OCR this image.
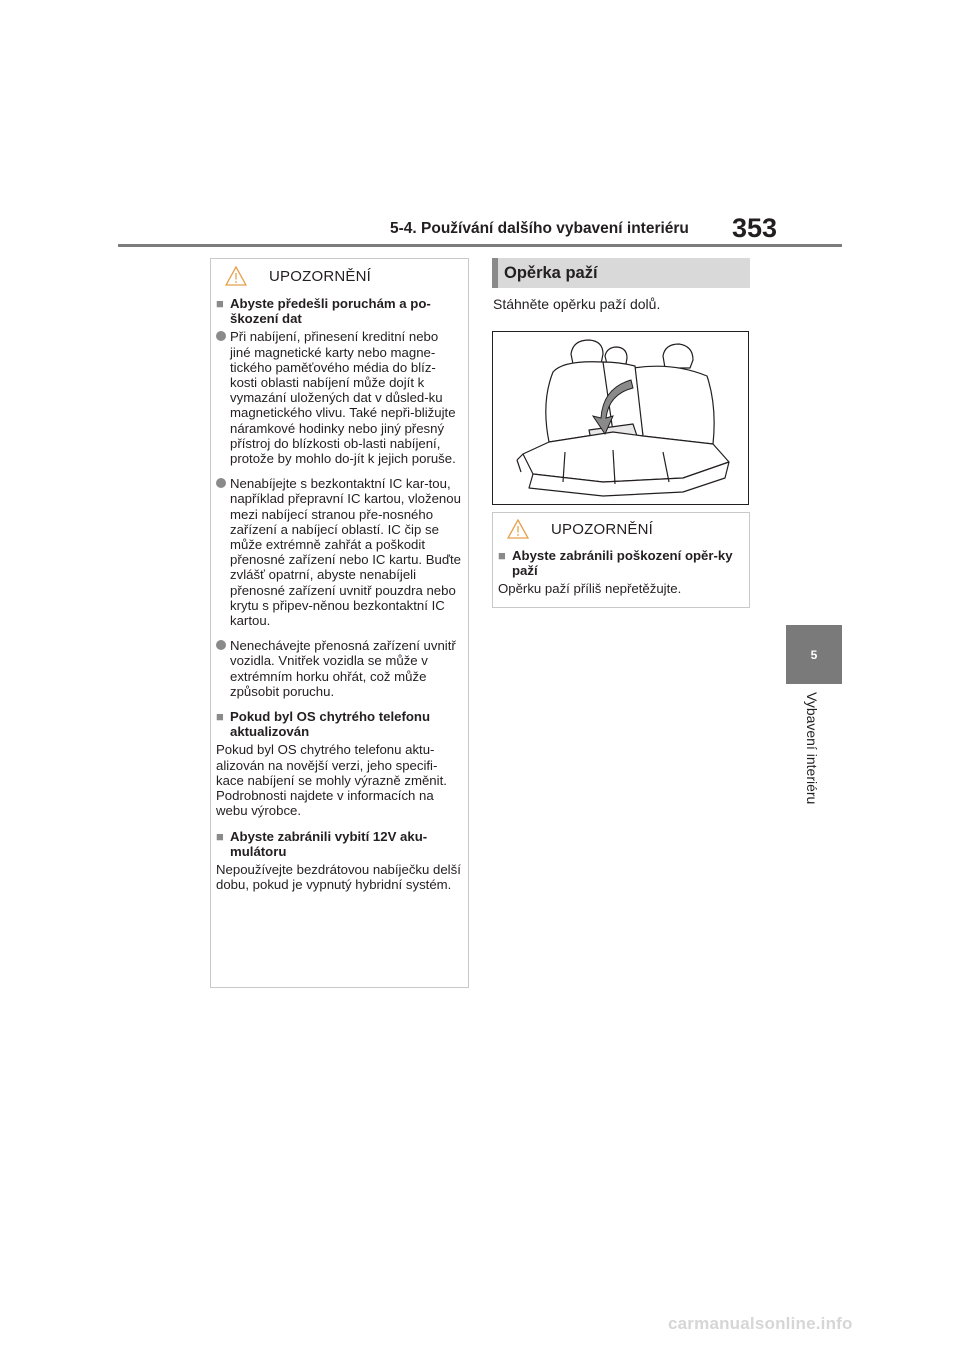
5-4. Používání dalšího vybavení interiéru 353
5
Vybavení interiéru
UPOZORNĚNÍ
■ Abyste předešli poruchám a po-škození dat
Při nabíjení, přinesení kreditní nebo jiné magnetické karty nebo magne-tického paměťového média do blíz-kosti oblasti nabíjení může dojít k vymazání uložených dat v důsled-ku magnetického vlivu. Také nepři-bližujte náramkové hodinky nebo jiný přesný přístroj do blízkosti ob-lasti nabíjení, protože by mohlo do-jít k jejich poruše.
Nenabíjejte s bezkontaktní IC kar-tou, například přepravní IC kartou, vloženou mezi nabíjecí stranou pře-nosného zařízení a nabíjecí oblastí. IC čip se může extrémně zahřát a poškodit přenosné zařízení nebo IC kartu. Buďte zvlášť opatrní, abyste nenabíjeli přenosné zařízení uvnitř pouzdra nebo krytu s připev-něnou bezkontaktní IC kartou.
Nenechávejte přenosná zařízení uvnitř vozidla. Vnitřek vozidla se může v extrémním horku ohřát, což může způsobit poruchu.
■ Pokud byl OS chytrého telefonu aktualizován
Pokud byl OS chytrého telefonu aktu-alizován na novější verzi, jeho specifi-kace nabíjení se mohly výrazně změnit.
Podrobnosti najdete v informacích na webu výrobce.
■ Abyste zabránili vybití 12V aku-mulátoru
Nepoužívejte bezdrátovou nabíječku delší dobu, pokud je vypnutý hybridní systém.
Opěrka paží
Stáhněte opěrku paží dolů.
UPOZORNĚNÍ
■ Abyste zabránili poškození opěr-ky paží
Opěrku paží příliš nepřetěžujte.
carmanualsonline.info
